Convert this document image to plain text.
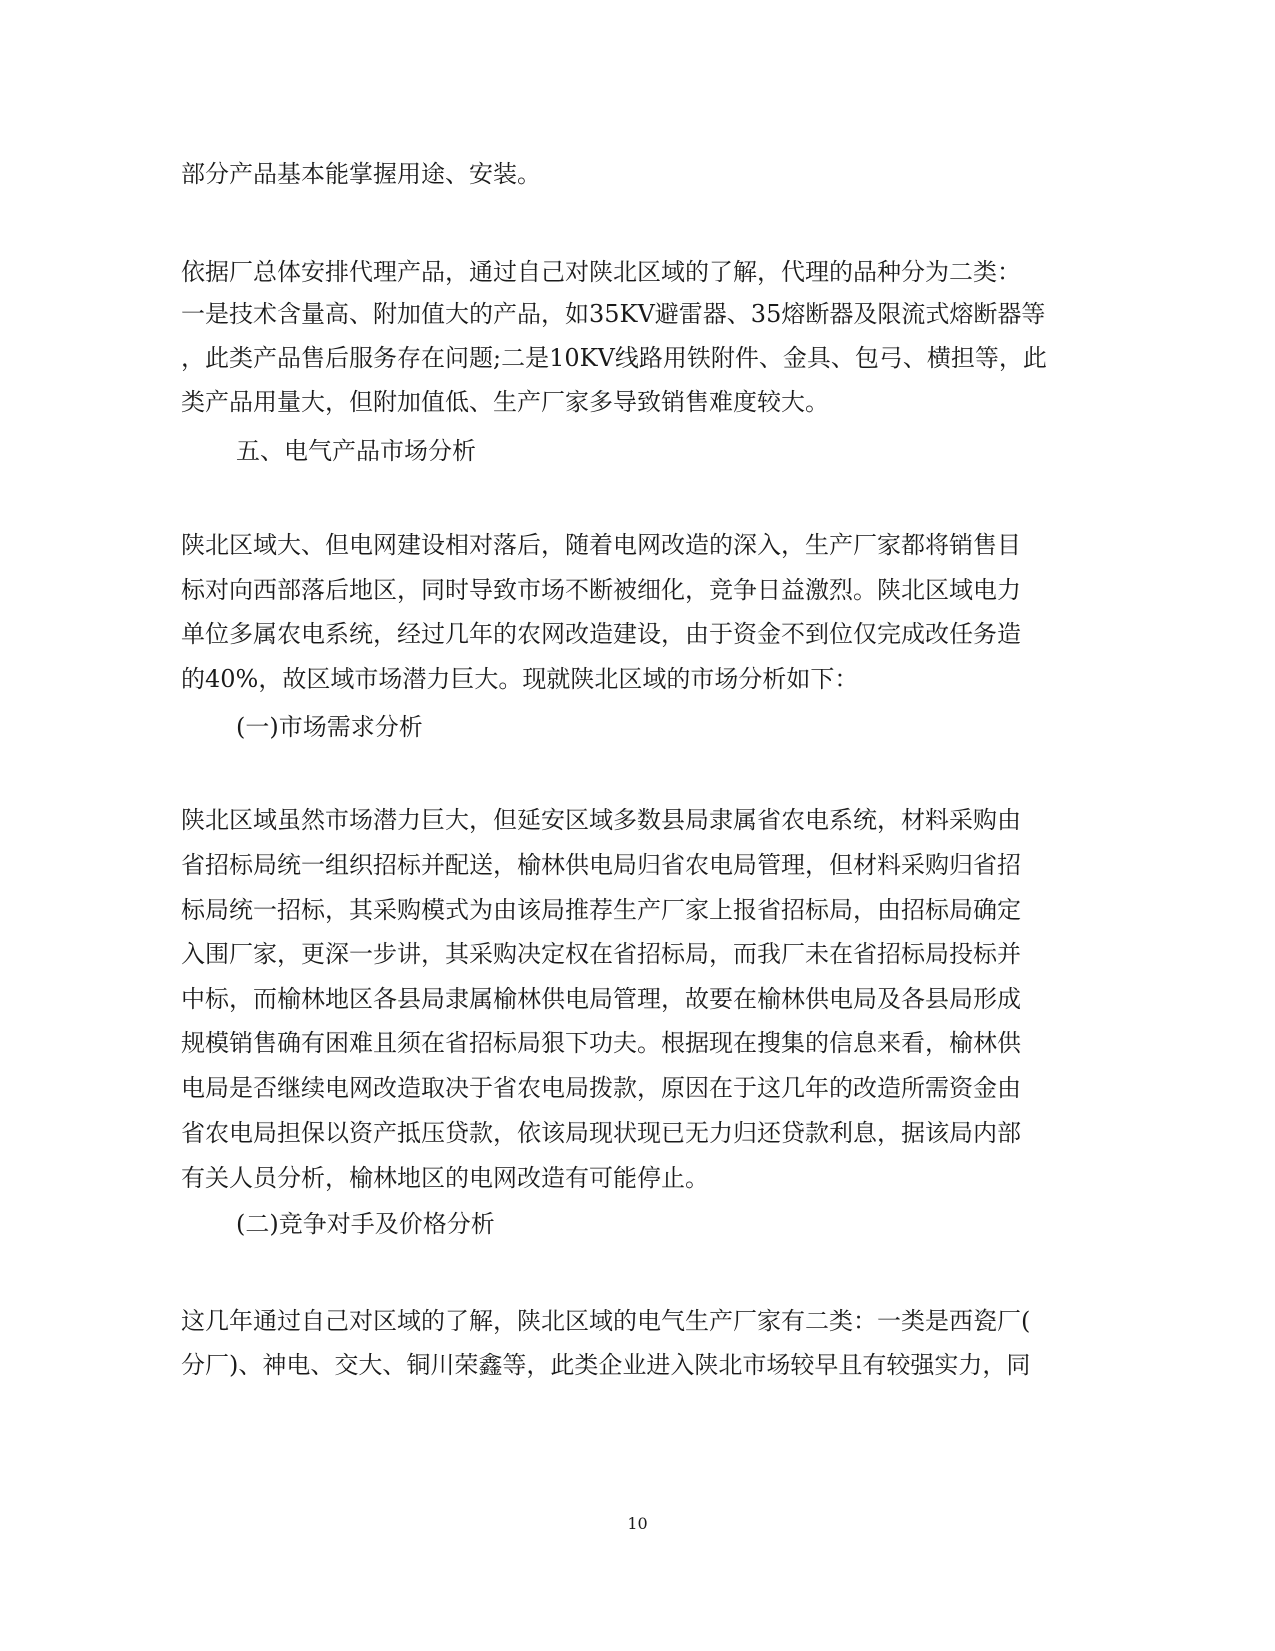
部分产品基本能掌握用途、安装。
依据厂总体安排代理产品，通过自己对陕北区域的了解，代理的品种分为二类：
一是技术含量高、附加值大的产品，如35KV避雷器、35熔断器及限流式熔断器等
，此类产品售后服务存在问题;二是10KV线路用铁附件、金具、包弓、横担等，此
类产品用量大，但附加值低、生产厂家多导致销售难度较大。
五、电气产品市场分析
陕北区域大、但电网建设相对落后，随着电网改造的深入，生产厂家都将销售目
标对向西部落后地区，同时导致市场不断被细化，竞争日益激烈。陕北区域电力
单位多属农电系统，经过几年的农网改造建设，由于资金不到位仅完成改任务造
的40%，故区域市场潜力巨大。现就陕北区域的市场分析如下：
(一)市场需求分析
陕北区域虽然市场潜力巨大，但延安区域多数县局隶属省农电系统，材料采购由
省招标局统一组织招标并配送，榆林供电局归省农电局管理，但材料采购归省招
标局统一招标，其采购模式为由该局推荐生产厂家上报省招标局，由招标局确定
入围厂家，更深一步讲，其采购决定权在省招标局，而我厂未在省招标局投标并
中标，而榆林地区各县局隶属榆林供电局管理，故要在榆林供电局及各县局形成
规模销售确有困难且须在省招标局狠下功夫。根据现在搜集的信息来看，榆林供
电局是否继续电网改造取决于省农电局拨款，原因在于这几年的改造所需资金由
省农电局担保以资产抵压贷款，依该局现状现已无力归还贷款利息，据该局内部
有关人员分析，榆林地区的电网改造有可能停止。
(二)竞争对手及价格分析
这几年通过自己对区域的了解，陕北区域的电气生产厂家有二类：一类是西瓷厂(
分厂)、神电、交大、铜川荣鑫等，此类企业进入陕北市场较早且有较强实力，同
10
